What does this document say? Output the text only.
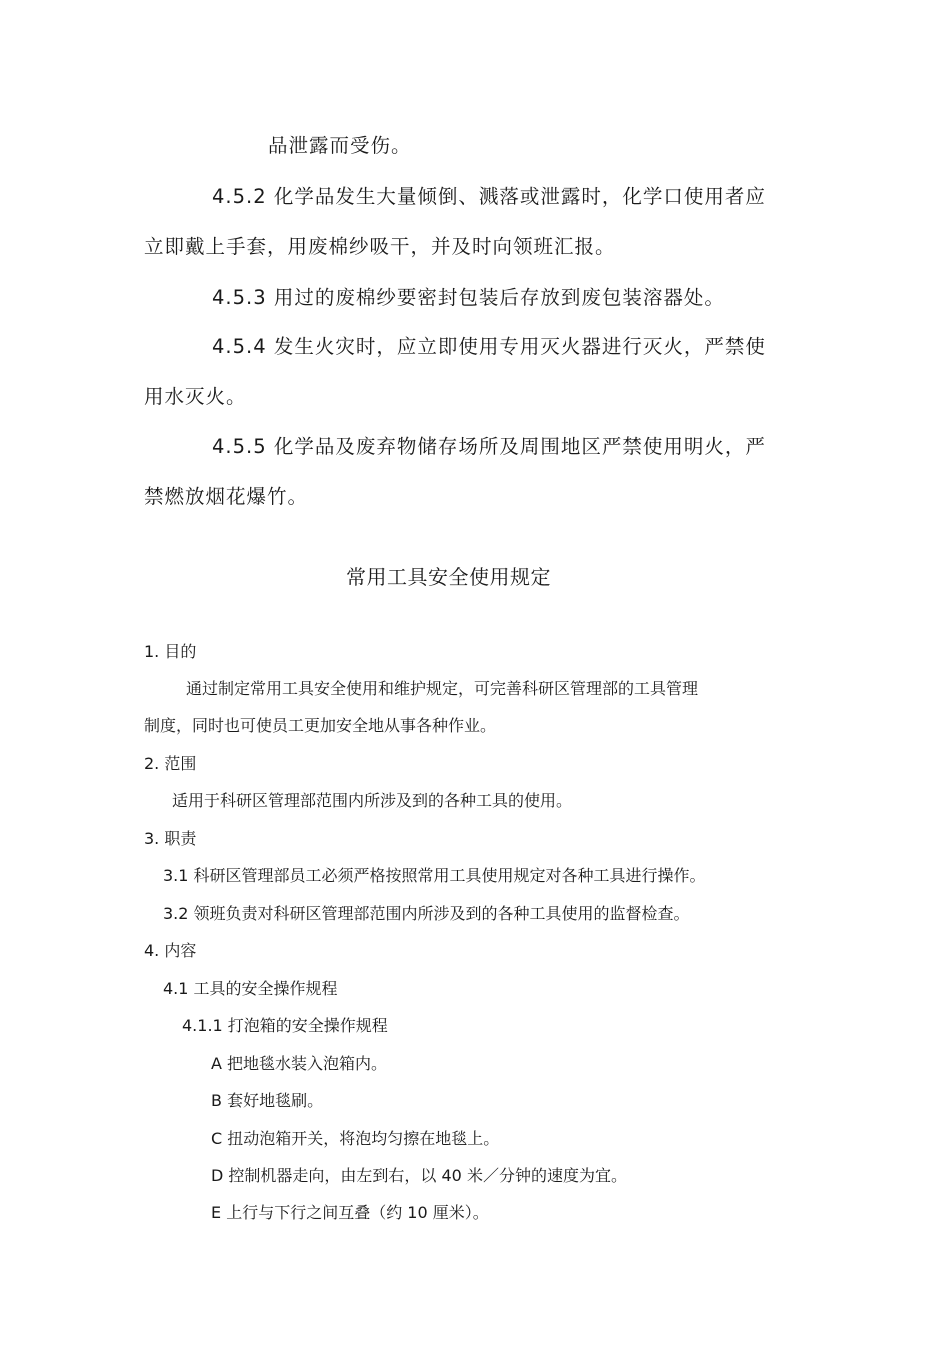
品泄露而受伤。

4.5.2 化学品发生大量倾倒、溅落或泄露时，化学口使用者应

立即戴上手套，用废棉纱吸干，并及时向领班汇报。

4.5.3 用过的废棉纱要密封包装后存放到废包装溶器处。

4.5.4 发生火灾时，应立即使用专用灭火器进行灭火，严禁使

用水灭火。

4.5.5 化学品及废弃物储存场所及周围地区严禁使用明火，严

禁燃放烟花爆竹。

常用工具安全使用规定

1. 目的

通过制定常用工具安全使用和维护规定，可完善科研区管理部的工具管理

制度，同时也可使员工更加安全地从事各种作业。

2. 范围

适用于科研区管理部范围内所涉及到的各种工具的使用。

3. 职责

3.1 科研区管理部员工必须严格按照常用工具使用规定对各种工具进行操作。

3.2 领班负责对科研区管理部范围内所涉及到的各种工具使用的监督检查。

4. 内容

4.1 工具的安全操作规程

4.1.1 打泡箱的安全操作规程

A 把地毯水装入泡箱内。

B 套好地毯刷。

C 扭动泡箱开关，将泡均匀擦在地毯上。

D 控制机器走向，由左到右，以 40 米／分钟的速度为宜。

E 上行与下行之间互叠（约 10 厘米）。
